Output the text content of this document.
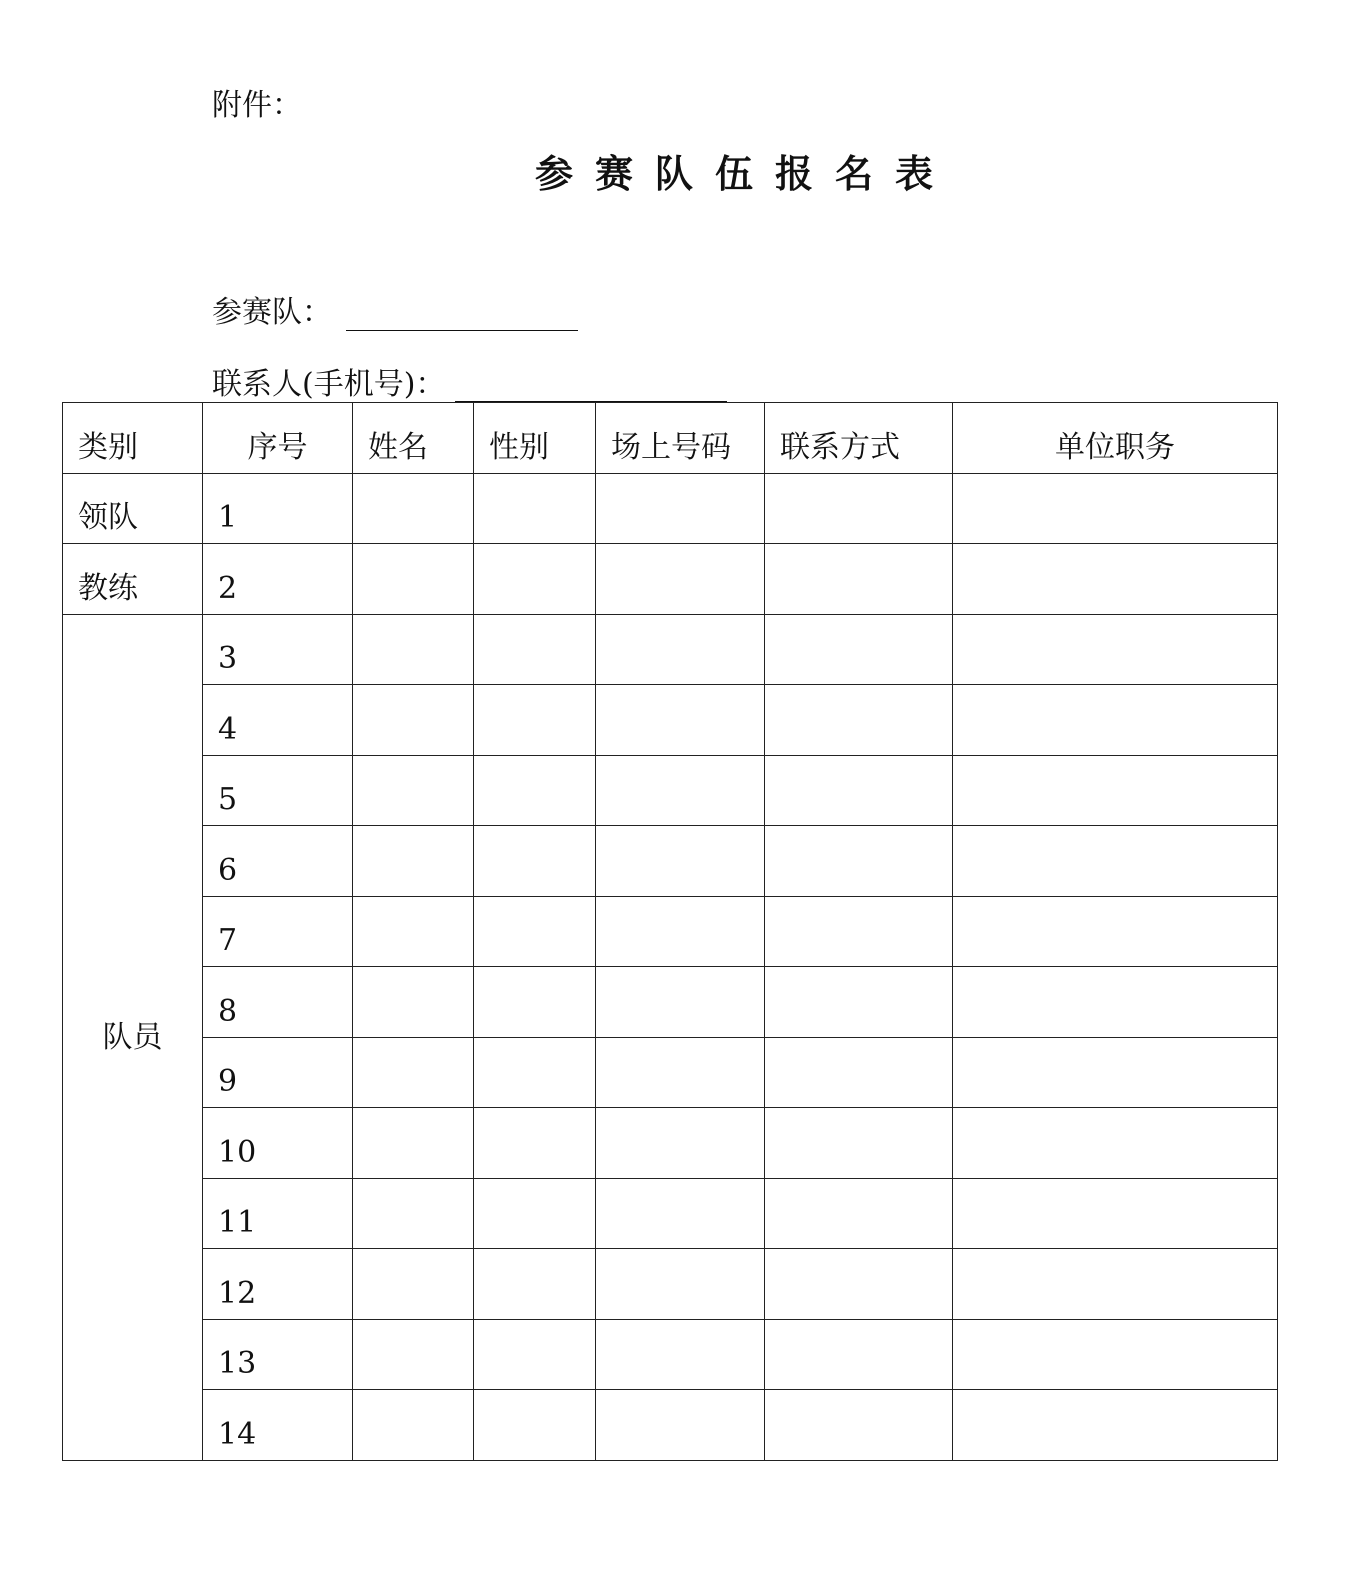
附件：
参赛队伍报名表
参赛队：
联系人(手机号)：
类别	序号	姓名	性别	场上号码	联系方式	单位职务

领队	1					

教练	2					

队员	3					

	4					

	5					

	6					

	7					

	8					

	9					

	10					

	11					

	12					

	13					

	14					
